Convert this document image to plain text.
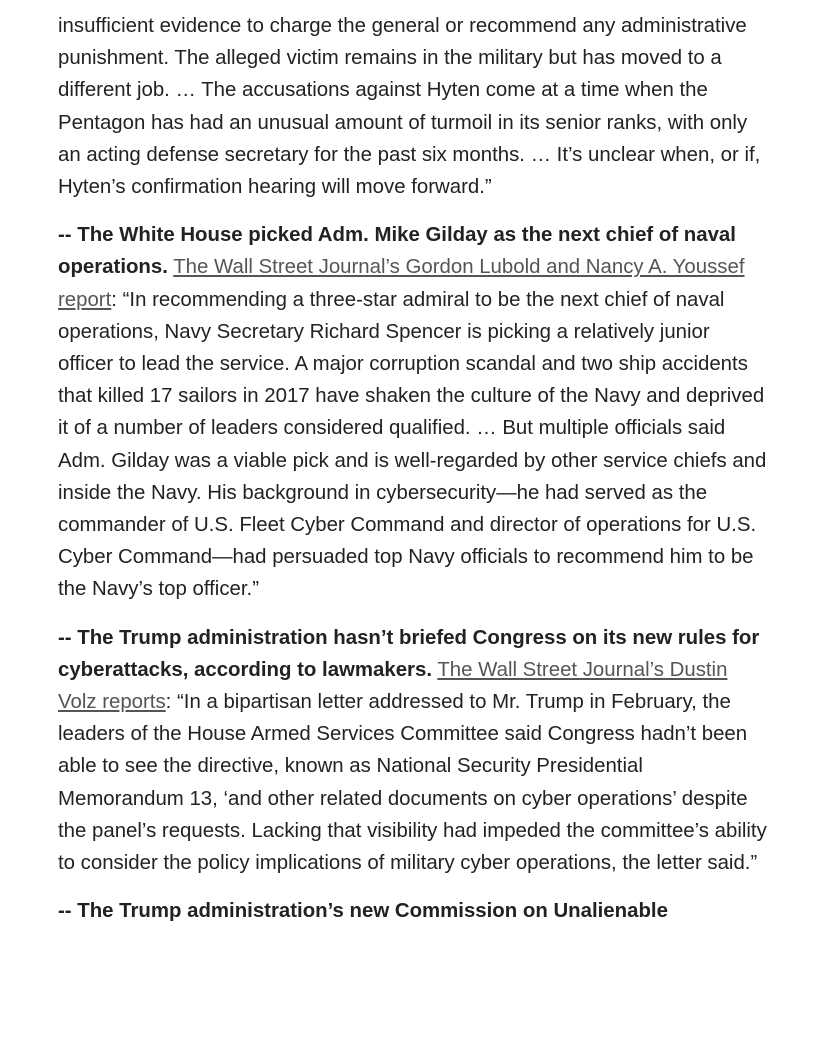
insufficient evidence to charge the general or recommend any administrative punishment. The alleged victim remains in the military but has moved to a different job. … The accusations against Hyten come at a time when the Pentagon has had an unusual amount of turmoil in its senior ranks, with only an acting defense secretary for the past six months. … It’s unclear when, or if, Hyten’s confirmation hearing will move forward.”

-- The White House picked Adm. Mike Gilday as the next chief of naval operations. The Wall Street Journal’s Gordon Lubold and Nancy A. Youssef report: “In recommending a three-star admiral to be the next chief of naval operations, Navy Secretary Richard Spencer is picking a relatively junior officer to lead the service. A major corruption scandal and two ship accidents that killed 17 sailors in 2017 have shaken the culture of the Navy and deprived it of a number of leaders considered qualified. … But multiple officials said Adm. Gilday was a viable pick and is well-regarded by other service chiefs and inside the Navy. His background in cybersecurity—he had served as the commander of U.S. Fleet Cyber Command and director of operations for U.S. Cyber Command—had persuaded top Navy officials to recommend him to be the Navy’s top officer.”

-- The Trump administration hasn’t briefed Congress on its new rules for cyberattacks, according to lawmakers. The Wall Street Journal’s Dustin Volz reports: “In a bipartisan letter addressed to Mr. Trump in February, the leaders of the House Armed Services Committee said Congress hadn’t been able to see the directive, known as National Security Presidential Memorandum 13, ‘and other related documents on cyber operations’ despite the panel’s requests. Lacking that visibility had impeded the committee’s ability to consider the policy implications of military cyber operations, the letter said.”

-- The Trump administration’s new Commission on Unalienable
